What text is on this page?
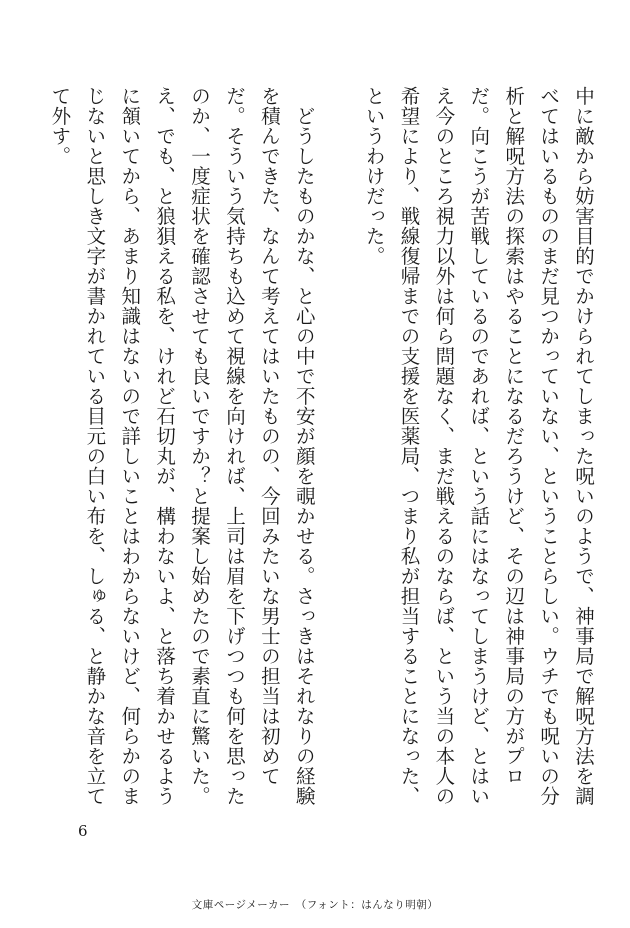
中に敵から妨害目的でかけられてしまった呪いのようで、神事局で解呪方法を調べてはいるもののまだ見つかっていない、ということらしい。ウチでも呪いの分析と解呪方法の探索はやることになるだろうけど、その辺は神事局の方がプロだ。向こうが苦戦しているのであれば、という話にはなってしまうけど、とはいえ今のところ視力以外は何ら問題なく、まだ戦えるのならば、という当の本人の希望により、戦線復帰までの支援を医薬局、つまり私が担当することになった、というわけだった。

どうしたものかな、と心の中で不安が顔を覗かせる。さっきはそれなりの経験を積んできた、なんて考えてはいたものの、今回みたいな男士の担当は初めてだ。そういう気持ちも込めて視線を向ければ、上司は眉を下げつつも何を思ったのか、一度症状を確認させても良いですか？と提案し始めたので素直に驚いた。え、でも、と狼狽える私を、けれど石切丸が、構わないよ、と落ち着かせるように頷いてから、あまり知識はないので詳しいことはわからないけど、何らかのまじないと思しき文字が書かれている目元の白い布を、しゅる、と静かな音を立てて外す。

6
文庫ページメーカー　（フォント：はんなり明朝）
